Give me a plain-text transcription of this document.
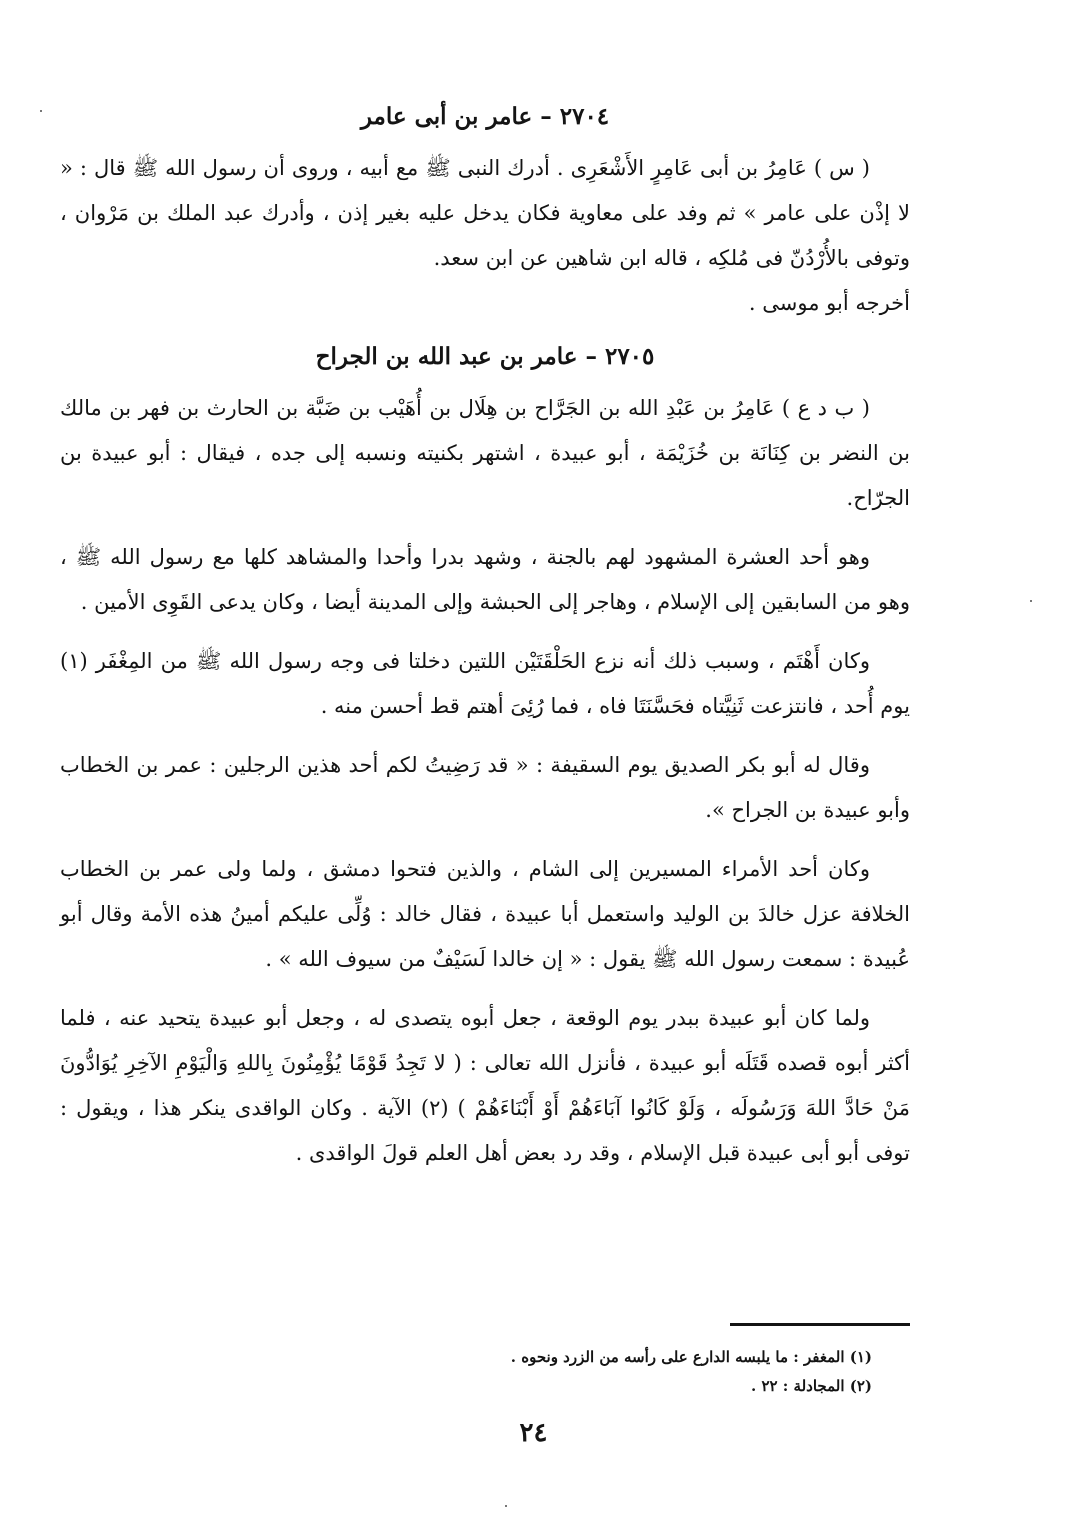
٢٧٠٤ – عامر بن أبى عامر

( س ) عَامِرُ بن أبى عَامِرٍ الأَشْعَرِى . أدرك النبى ﷺ مع أبيه ، وروى أن رسول الله ﷺ قال : « لا إذْن على عامر » ثم وفد على معاوية فكان يدخل عليه بغير إذن ، وأدرك عبد الملك بن مَرْوان ، وتوفى بالأُرْدُنّ فى مُلكِه ، قاله ابن شاهين عن ابن سعد.

أخرجه أبو موسى .

٢٧٠٥ – عامر بن عبد الله بن الجراح

( ب د ع ) عَامِرُ بن عَبْدِ الله بن الجَرَّاح بن هِلَال بن أُهَيْب بن ضَبَّة بن الحارث بن فهر بن مالك بن النضر بن كِنَانَة بن خُزَيْمَة ، أبو عبيدة ، اشتهر بكنيته ونسبه إلى جده ، فيقال : أبو عبيدة بن الجرّاح.

وهو أحد العشرة المشهود لهم بالجنة ، وشهد بدرا وأحدا والمشاهد كلها مع رسول الله ﷺ ، وهو من السابقين إلى الإسلام ، وهاجر إلى الحبشة وإلى المدينة أيضا ، وكان يدعى القَوِى الأمين .

وكان أَهْتَم ، وسبب ذلك أنه نزع الحَلْقَتَيْن اللتين دخلتا فى وجه رسول الله ﷺ من المِغْفَر (١) يوم أُحد ، فانتزعت ثَنِيَّتاه فحَسَّنَتَا فاه ، فما رُئِىَ أهتم قط أحسن منه .

وقال له أبو بكر الصديق يوم السقيفة : « قد رَضِيتُ لكم أحد هذين الرجلين : عمر بن الخطاب وأبو عبيدة بن الجراح ».

وكان أحد الأمراء المسيرين إلى الشام ، والذين فتحوا دمشق ، ولما ولى عمر بن الخطاب الخلافة عزل خالدَ بن الوليد واستعمل أبا عبيدة ، فقال خالد : وُلِّى عليكم أمينُ هذه الأمة وقال أبو عُبيدة : سمعت رسول الله ﷺ يقول : « إن خالدا لَسَيْفٌ من سيوف الله » .

ولما كان أبو عبيدة ببدر يوم الوقعة ، جعل أبوه يتصدى له ، وجعل أبو عبيدة يتحيد عنه ، فلما أكثر أبوه قصده قَتَلَه أبو عبيدة ، فأنزل الله تعالى : ( لا تَجِدُ قَوْمًا يُؤْمِنُونَ بِاللهِ وَالْيَوْمِ الآخِرِ يُوَادُّونَ مَنْ حَادَّ اللهَ وَرَسُولَه ، وَلَوْ كَانُوا آبَاءَهُمْ أَوْ أَبْنَاءَهُمْ ) (٢) الآية . وكان الواقدى ينكر هذا ، ويقول : توفى أبو أبى عبيدة قبل الإسلام ، وقد رد بعض أهل العلم قولَ الواقدى .

(١) المغفر : ما يلبسه الدارع على رأسه من الزرد ونحوه .

(٢) المجادلة : ٢٢ .

٢٤
